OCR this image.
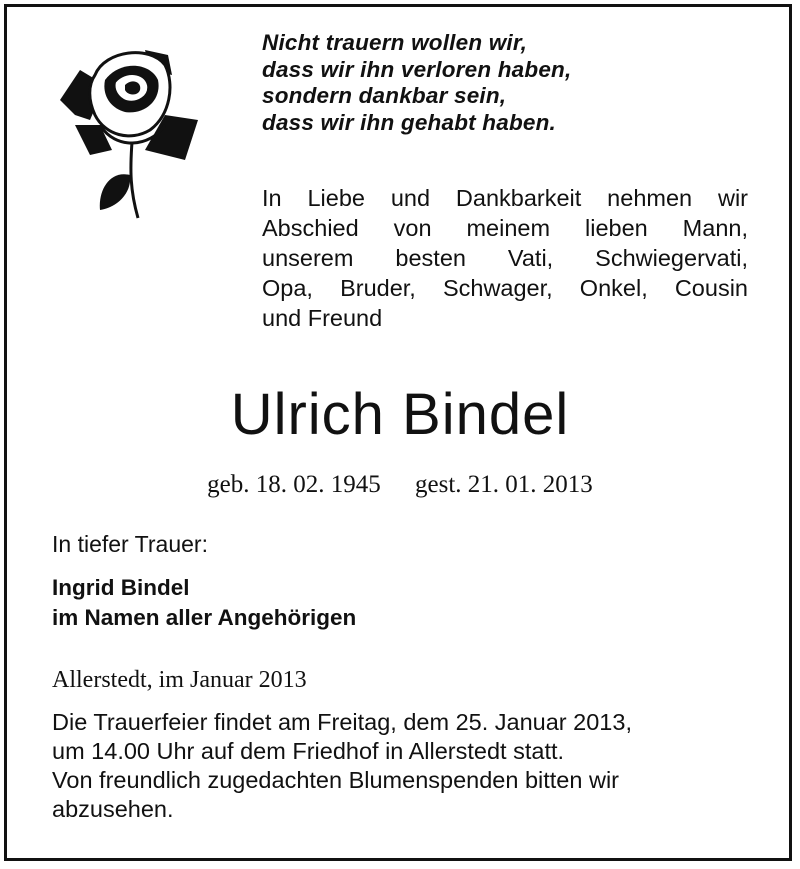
Nicht trauern wollen wir,
dass wir ihn verloren haben,
sondern dankbar sein,
dass wir ihn gehabt haben.
In Liebe und Dankbarkeit nehmen wir
Abschied von meinem lieben Mann,
unserem besten Vati, Schwiegervati,
Opa, Bruder, Schwager, Onkel, Cousin
und Freund
Ulrich Bindel
geb. 18. 02. 1945 gest. 21. 01. 2013
In tiefer Trauer:
Ingrid Bindel
im Namen aller Angehörigen
Allerstedt, im Januar 2013
Die Trauerfeier findet am Freitag, dem 25. Januar 2013,
um 14.00 Uhr auf dem Friedhof in Allerstedt statt.
Von freundlich zugedachten Blumenspenden bitten wir
abzusehen.
